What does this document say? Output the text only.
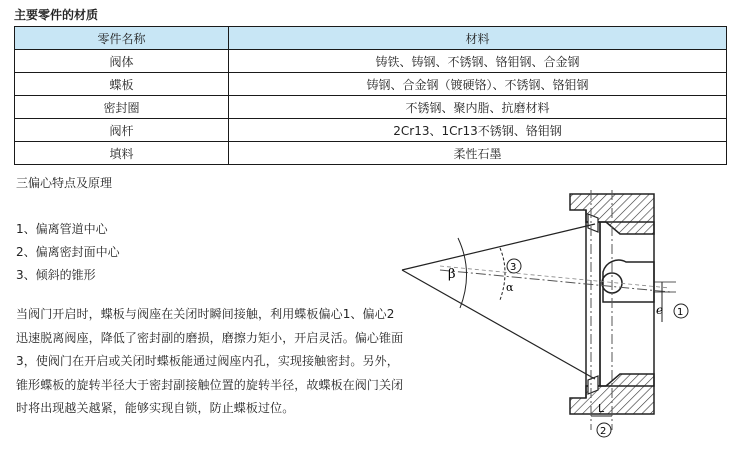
主要零件的材质
零件名称	材料
阀体	铸铁、铸钢、不锈钢、铬钼钢、合金钢
蝶板	铸钢、合金钢（镀硬铬）、不锈钢、铬钼钢
密封圈	不锈钢、聚内脂、抗磨材料
阀杆	2Cr13、1Cr13不锈钢、铬钼钢
填料	柔性石墨
三偏心特点及原理
1、偏离管道中心
2、偏离密封面中心
3、倾斜的锥形

当阀门开启时，蝶板与阀座在关闭时瞬间接触，利用蝶板偏心1、偏心2迅速脱离阀座，降低了密封副的磨损，磨擦力矩小，开启灵活。偏心锥面3，使阀门在开启或关闭时蝶板能通过阀座内孔，实现接触密封。另外，锥形蝶板的旋转半径大于密封副接触位置的旋转半径，故蝶板在阀门关闭时将出现越关越紧，能够实现自锁，防止蝶板过位。

β
α
3
e 1
L
2
